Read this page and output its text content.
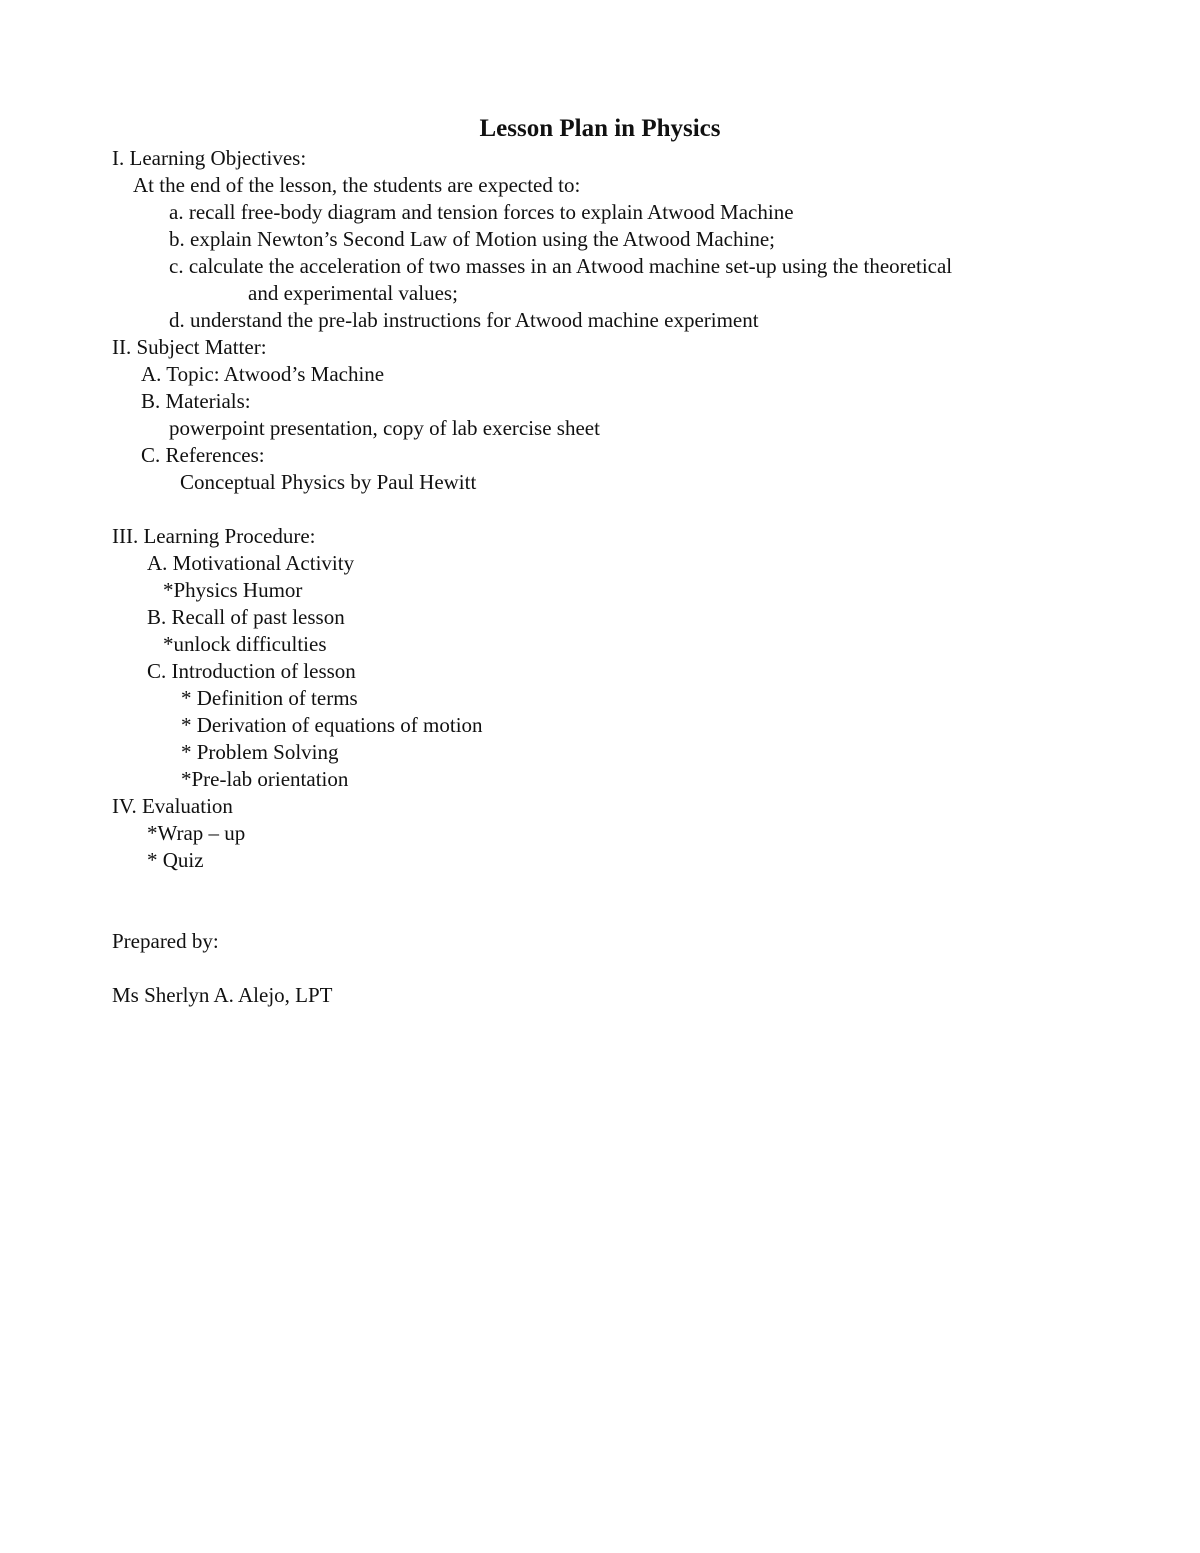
Lesson Plan in Physics
I. Learning Objectives:
At the end of the lesson, the students are expected to:
a. recall free-body diagram and tension forces to explain Atwood Machine
b. explain Newton’s Second Law of Motion using the Atwood Machine;
c. calculate the acceleration of two masses in an Atwood machine set-up using the theoretical
and experimental values;
d. understand the pre-lab instructions for Atwood machine experiment
II. Subject Matter:
A. Topic: Atwood’s Machine
B. Materials:
powerpoint presentation, copy of lab exercise sheet
C. References:
Conceptual Physics by Paul Hewitt
III. Learning Procedure:
A. Motivational Activity
*Physics Humor
B. Recall of past lesson
*unlock difficulties
C. Introduction of lesson
* Definition of terms
* Derivation of equations of motion
* Problem Solving
*Pre-lab orientation
IV. Evaluation
*Wrap – up
* Quiz
Prepared by:
Ms Sherlyn A. Alejo, LPT
